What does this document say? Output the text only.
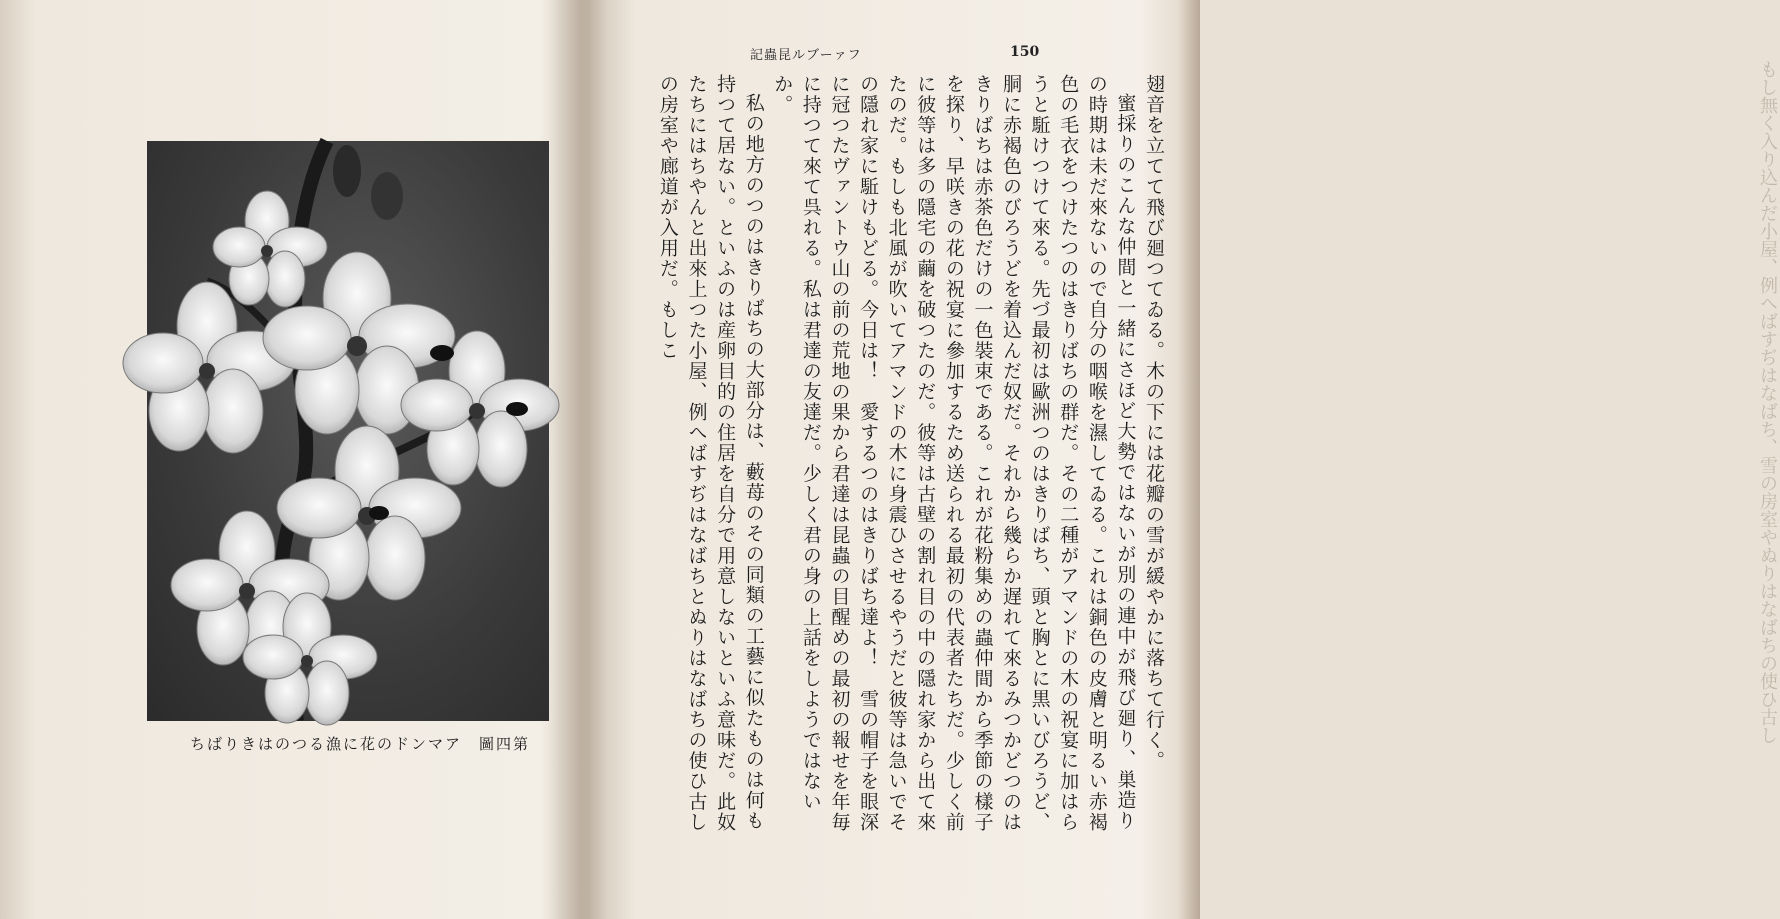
ちばりきはのつる漁に花のドンマア　圖四第
記蟲昆ルブーァフ	150

翅音を立てて飛び廻つてゐる。木の下には花瓣の雪が緩やかに落ちて行く。

蜜採りのこんな仲間と一緒にさほど大勢ではないが別の連中が飛び廻り、巣造りの時期は未だ來ないので自分の咽喉を濕してゐる。これは銅色の皮膚と明るい赤褐色の毛衣をつけたつのはきりばちの群だ。その二種がアマンドの木の祝宴に加はらうと駈けつけて來る。先づ最初は歐洲つのはきりばち、頭と胸とに黒いびろうど、胴に赤褐色のびろうどを着込んだ奴だ。それから幾らか遅れて來るみつかどつのはきりばちは赤茶色だけの一色裝束である。これが花粉集めの蟲仲間から季節の樣子を探り、早咲きの花の祝宴に參加するため送られる最初の代表者たちだ。少しく前に彼等は多の隱宅の繭を破つたのだ。彼等は古壁の割れ目の中の隱れ家から出て來たのだ。もしも北風が吹いてアマンドの木に身震ひさせるやうだと彼等は急いでその隱れ家に駈けもどる。今日は！　愛するつのはきりばち達よ！　雪の帽子を眼深に冠つたヴァントウ山の前の荒地の果から君達は昆蟲の目醒めの最初の報せを年毎に持つて來て呉れる。私は君達の友達だ。少しく君の身の上話をしようではないか。

私の地方のつのはきりばちの大部分は、藪苺のその同類の工藝に似たものは何も持つて居ない。といふのは産卵目的の住居を自分で用意しないといふ意味だ。此奴たちにはちやんと出來上つた小屋、例へばすぢはなばちとぬりはなばちの使ひ古しの房室や廊道が入用だ。もしこ	もし無く入り込んだ小屋、例へばすぢはなばち、雪の房室やぬりはなばちの使ひ古し
